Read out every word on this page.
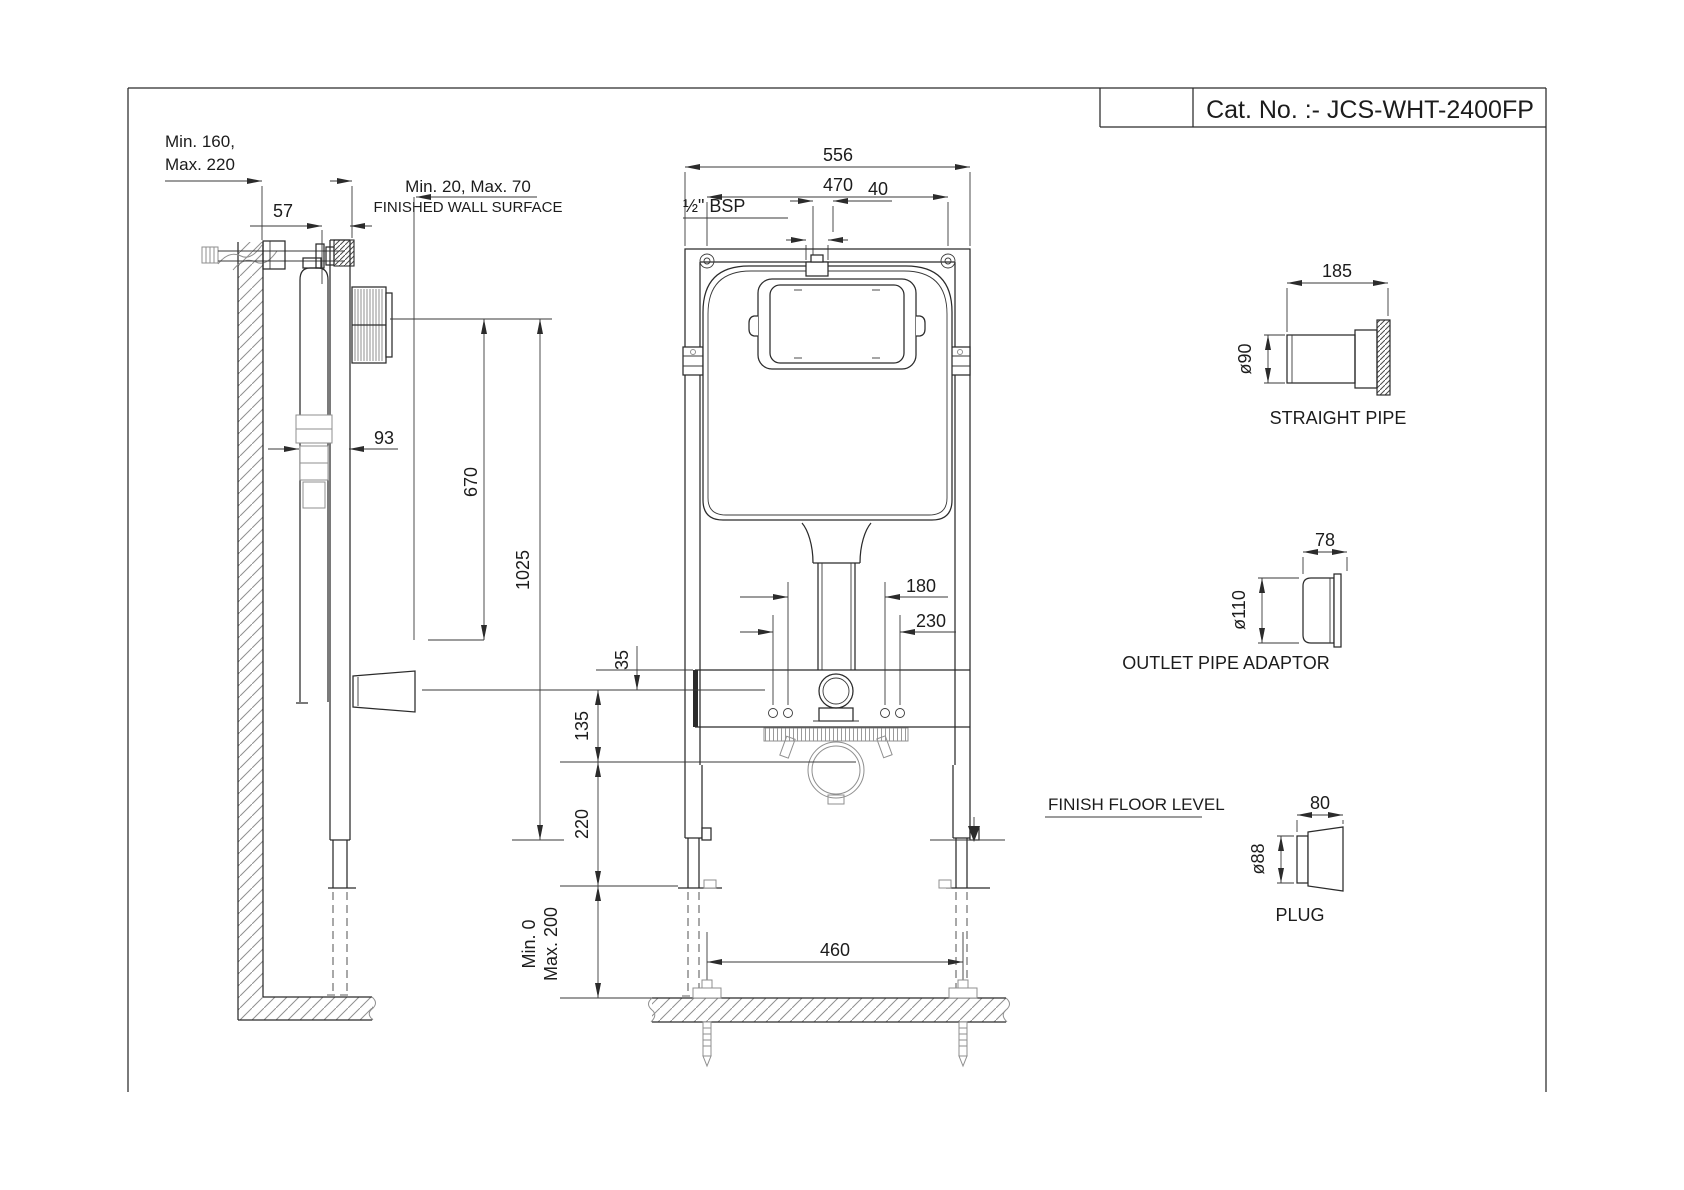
Cat. No. :- JCS-WHT-2400FP
Min. 160,
Max. 220
57
Min. 20, Max. 70
FINISHED WALL SURFACE
93
670
1025
556
470 40
½" BSP
180
230
35
135
220
Min. 0 Max. 200
FINISH FLOOR LEVEL
460
185
ø90
STRAIGHT PIPE
78
ø110
OUTLET PIPE ADAPTOR
80
ø88
PLUG
